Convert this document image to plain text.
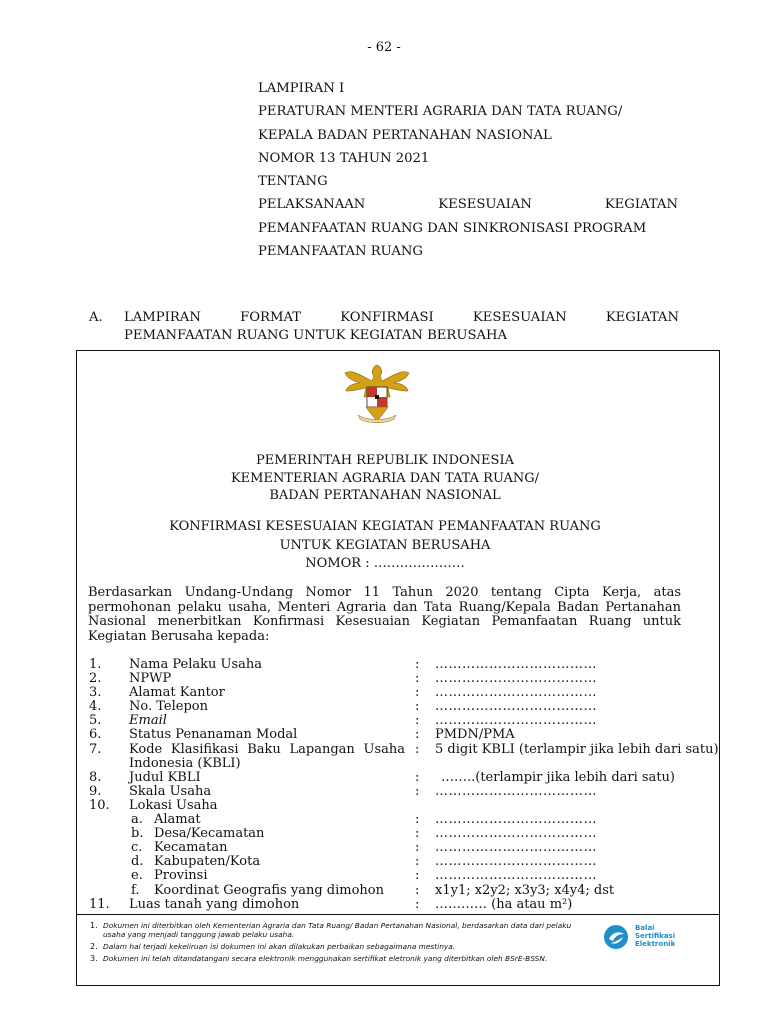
- 62 -
LAMPIRAN I
PERATURAN MENTERI AGRARIA DAN TATA RUANG/
KEPALA BADAN PERTANAHAN NASIONAL
NOMOR 13 TAHUN 2021
TENTANG
PELAKSANAAN KESESUAIAN KEGIATAN
PEMANFAATAN RUANG DAN SINKRONISASI PROGRAM
PEMANFAATAN RUANG
A. LAMPIRAN FORMAT KONFIRMASI KESESUAIAN KEGIATAN
PEMANFAATAN RUANG UNTUK KEGIATAN BERUSAHA
PEMERINTAH REPUBLIK INDONESIA
KEMENTERIAN AGRARIA DAN TATA RUANG/
BADAN PERTANAHAN NASIONAL
KONFIRMASI KESESUAIAN KEGIATAN PEMANFAATAN RUANG
UNTUK KEGIATAN BERUSAHA
NOMOR : …………………
Berdasarkan Undang-Undang Nomor 11 Tahun 2020 tentang Cipta Kerja, atas permohonan pelaku usaha, Menteri Agraria dan Tata Ruang/Kepala Badan Pertanahan Nasional menerbitkan Konfirmasi Kesesuaian Kegiatan Pemanfaatan Ruang untuk Kegiatan Berusaha kepada:
1. Nama Pelaku Usaha	: ………………………………
2. NPWP	: ………………………………
3. Alamat Kantor	: ………………………………
4. No. Telepon	: ………………………………
5. Email	: ………………………………
6. Status Penanaman Modal	: PMDN/PMA
7. Kode Klasifikasi Baku Lapangan Usaha Indonesia (KBLI)
: 5 digit KBLI (terlampir jika lebih dari satu)
8. Judul KBLI	: ……..(terlampir jika lebih dari satu)
9. Skala Usaha	: ………………………………
10. Lokasi Usaha
a. Alamat	: ………………………………
b. Desa/Kecamatan	: ………………………………
c. Kecamatan	: ………………………………
d. Kabupaten/Kota	: ………………………………
e. Provinsi	: ………………………………
f. Koordinat Geografis yang dimohon : x1y1; x2y2; x3y3; x4y4; dst
11. Luas tanah yang dimohon	: ………… (ha atau m²)
1. Dokumen ini diterbitkan oleh Kementerian Agraria dan Tata Ruang/ Badan Pertanahan Nasional, berdasarkan data dari pelaku usaha yang menjadi tanggung jawab pelaku usaha.
2. Dalam hal terjadi kekeliruan isi dokumen ini akan dilakukan perbaikan sebagaimana mestinya.
3. Dokumen ini telah ditandatangani secara elektronik menggunakan sertifikat eletronik yang diterbitkan oleh BSrE-BSSN.
Balai
Sertifikasi
Elektronik
